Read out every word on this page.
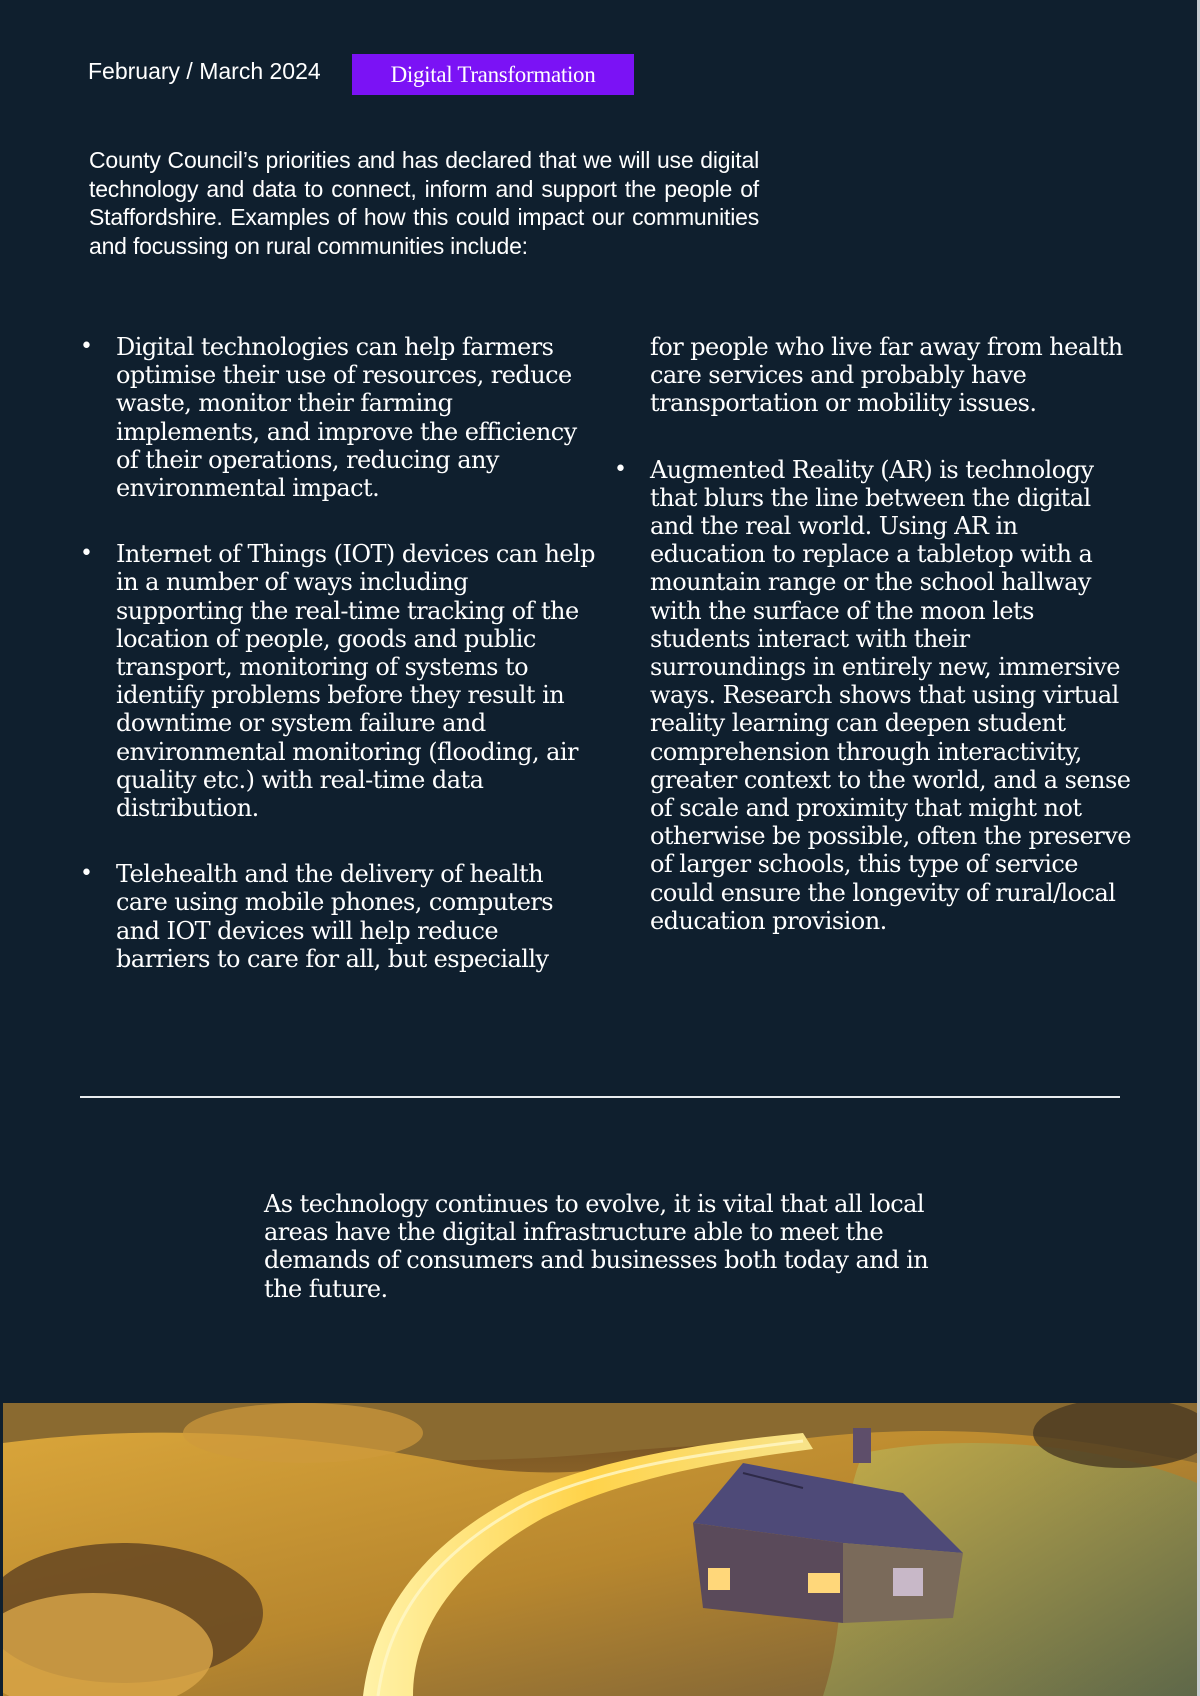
February / March 2024	Digital Transformation

County Council’s priorities and has declared that we will use digital technology and data to connect, inform and support the people of Staffordshire. Examples of how this could impact our communities and focussing on rural communities include:

• Digital technologies can help farmers optimise their use of resources, reduce waste, monitor their farming implements, and improve the efficiency of their operations, reducing any environmental impact.
• Internet of Things (IOT) devices can help in a number of ways including supporting the real-time tracking of the location of people, goods and public transport, monitoring of systems to identify problems before they result in downtime or system failure and environmental monitoring (flooding, air quality etc.) with real-time data distribution.
• Telehealth and the delivery of health care using mobile phones, computers and IOT devices will help reduce barriers to care for all, but especially
for people who live far away from health care services and probably have transportation or mobility issues.
• Augmented Reality (AR) is technology that blurs the line between the digital and the real world. Using AR in education to replace a tabletop with a mountain range or the school hallway with the surface of the moon lets students interact with their surroundings in entirely new, immersive ways. Research shows that using virtual reality learning can deepen student comprehension through interactivity, greater context to the world, and a sense of scale and proximity that might not otherwise be possible, often the preserve of larger schools, this type of service could ensure the longevity of rural/local education provision.

As technology continues to evolve, it is vital that all local areas have the digital infrastructure able to meet the demands of consumers and businesses both today and in the future.
